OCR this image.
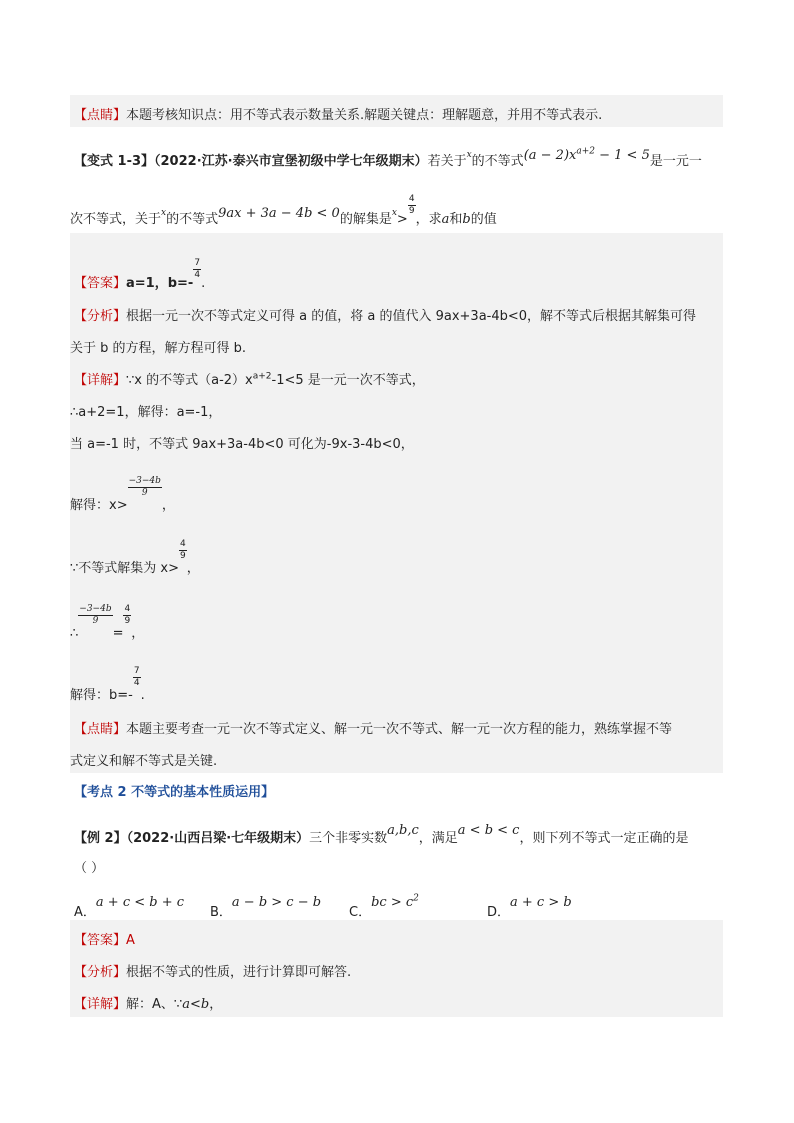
【点睛】本题考核知识点：用不等式表示数量关系.解题关键点：理解题意，并用不等式表示.
【变式 1-3】（2022·江苏·泰兴市宣堡初级中学七年级期末）若关于$^x$的不等式$(a - 2)x^{a+2} - 1 < 5$是一元一
次不等式，关于$^x$的不等式9ax + 3a − 4b < 0的解集是$^x$>
$\frac{4}{9}$
，求a和b的值
【答案】a=1，b=-
$\frac{7}{4}$
.
【分析】根据一元一次不等式定义可得 a 的值，将 a 的值代入 9ax+3a-4b<0，解不等式后根据其解集可得
关于 b 的方程，解方程可得 b.
【详解】∵x 的不等式$(a-2)x^{a+2}-1<5$ 是一元一次不等式，
∴a+2=1，解得：a=-1，
当 a=-1 时，不等式 9ax+3a-4b<0 可化为-9x-3-4b<0，
解得：x>
$\frac{-3-4b}{9}$
，
∵不等式解集为 x>
$\frac{4}{9}$
，
∴
$\frac{-3-4b}{9}$
=
$\frac{4}{9}$
，
解得：b=-
$\frac{7}{4}$
.
【点睛】本题主要考查一元一次不等式定义、解一元一次不等式、解一元一次方程的能力，熟练掌握不等
式定义和解不等式是关键.
【考点 2 不等式的基本性质运用】
【例 2】（2022·山西吕梁·七年级期末）三个非零实数a,b,c，满足a < b < c，则下列不等式一定正确的是
（ ）
A．a + c < b + c
B．a − b > c − b
C．bc > $c^2$
D．a + c > b
【答案】A
【分析】根据不等式的性质，进行计算即可解答.
【详解】解：A、∵a<b，
